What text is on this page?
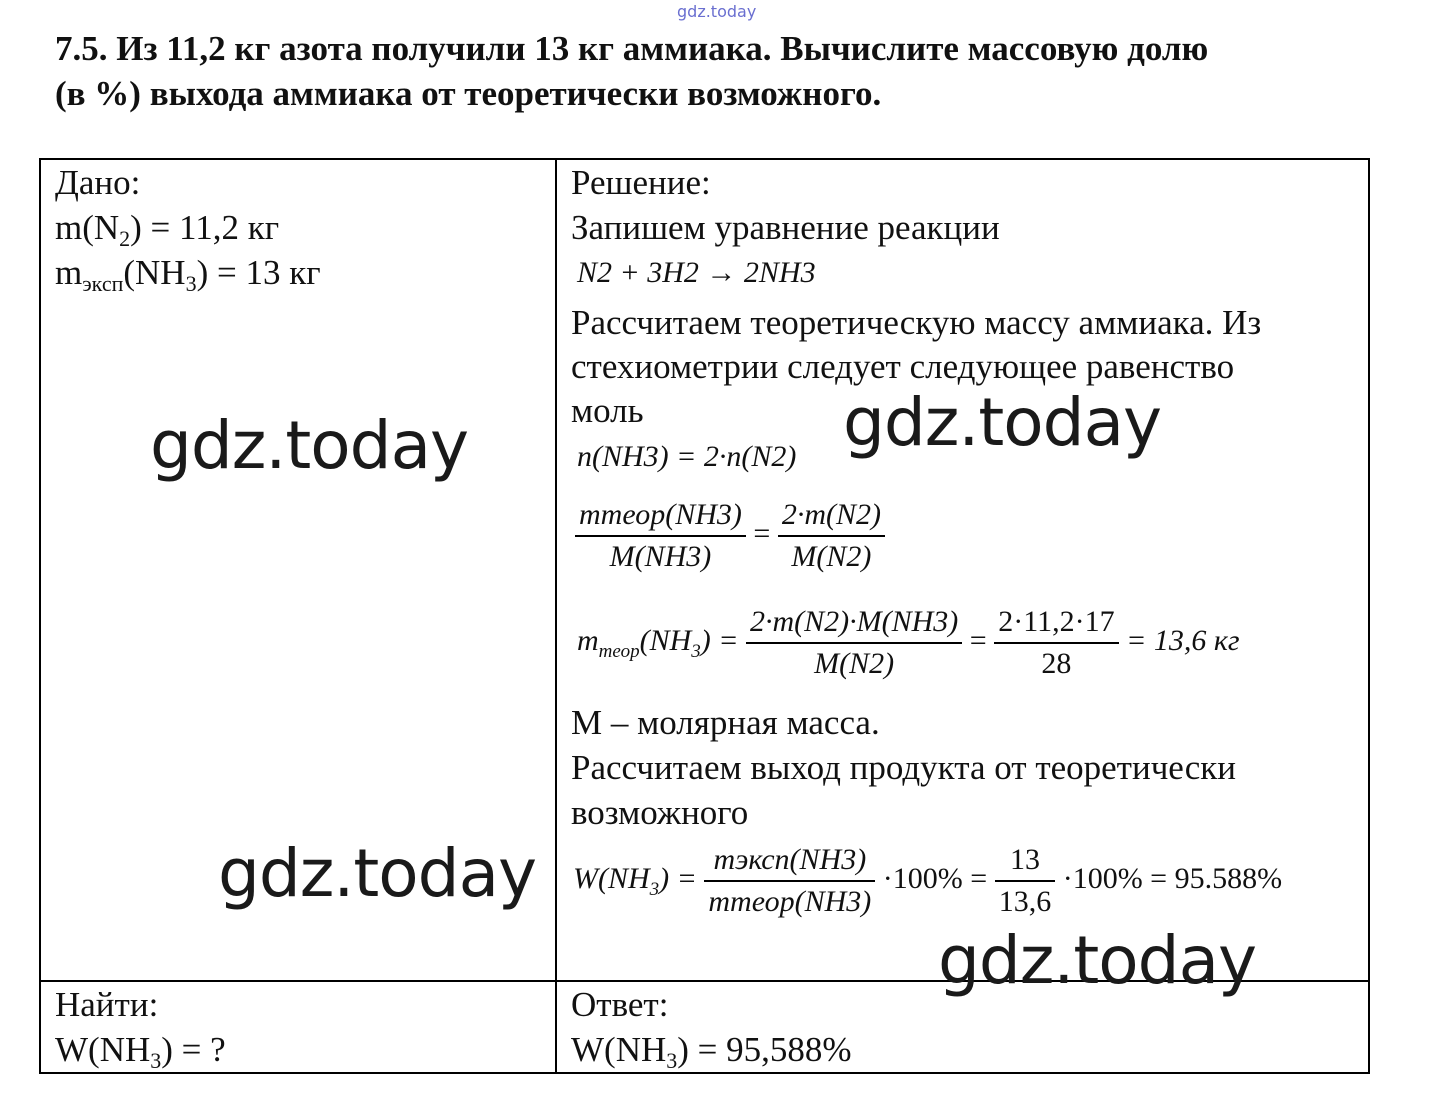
gdz.today
7.5. Из 11,2 кг азота получили 13 кг аммиака. Вычислите массовую долю
(в %) выхода аммиака от теоретически возможного.
Дано:
$m(N_2) = 11,2$ кг
$m_{эксп}(NH_3) = 13$ кг
Найти:
$W(NH_3)$ = ?
Решение:
Запишем уравнение реакции
N2 + 3H2 → 2NH3
Рассчитаем теоретическую массу аммиака. Из
стехиометрии следует следующее равенство
моль
n(NH3) = 2·n(N2)
$\frac{\text{mтеор(NH3)}}{M(NH3)} = \frac{2\cdot m(N2)}{M(N2)}$
$m_{теор}(NH_3) = \frac{2\cdot m(N2)\cdot M(NH3)}{M(N2)} = \frac{2\cdot 11,2\cdot 17}{28} = 13,6$ кг
М – молярная масса.
Рассчитаем выход продукта от теоретически
возможного
$W(NH_3) = \frac{\text{mэксп(NH3)}}{\text{mтеор(NH3)}} \cdot 100\% = \frac{13}{13,6} \cdot 100\% = 95.588\%$
Ответ:
$W(NH_3) = 95,588\%$
gdz.today	gdz.today
gdz.today
gdz.today
